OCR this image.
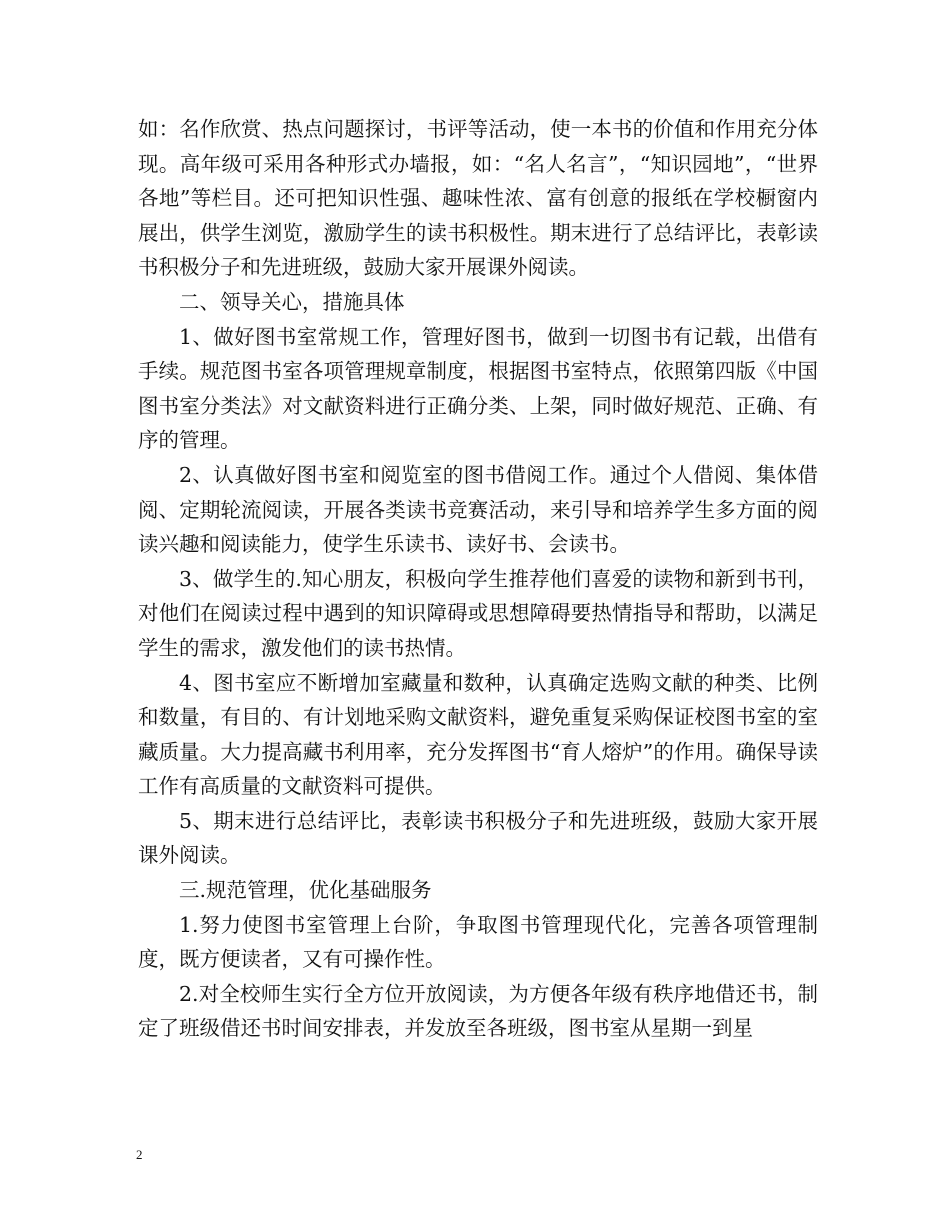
如：名作欣赏、热点问题探讨，书评等活动，使一本书的价值和作用充分体现。高年级可采用各种形式办墙报，如：“名人名言”，“知识园地”，“世界各地”等栏目。还可把知识性强、趣味性浓、富有创意的报纸在学校橱窗内展出，供学生浏览，激励学生的读书积极性。期末进行了总结评比，表彰读书积极分子和先进班级，鼓励大家开展课外阅读。

二、领导关心，措施具体

1、做好图书室常规工作，管理好图书，做到一切图书有记载，出借有手续。规范图书室各项管理规章制度，根据图书室特点，依照第四版《中国图书室分类法》对文献资料进行正确分类、上架，同时做好规范、正确、有序的管理。

2、认真做好图书室和阅览室的图书借阅工作。通过个人借阅、集体借阅、定期轮流阅读，开展各类读书竞赛活动，来引导和培养学生多方面的阅读兴趣和阅读能力，使学生乐读书、读好书、会读书。

3、做学生的.知心朋友，积极向学生推荐他们喜爱的读物和新到书刊，对他们在阅读过程中遇到的知识障碍或思想障碍要热情指导和帮助，以满足学生的需求，激发他们的读书热情。

4、图书室应不断增加室藏量和数种，认真确定选购文献的种类、比例和数量，有目的、有计划地采购文献资料，避免重复采购保证校图书室的室藏质量。大力提高藏书利用率，充分发挥图书“育人熔炉”的作用。确保导读工作有高质量的文献资料可提供。

5、期末进行总结评比，表彰读书积极分子和先进班级，鼓励大家开展课外阅读。

三.规范管理，优化基础服务

1.努力使图书室管理上台阶，争取图书管理现代化，完善各项管理制度，既方便读者，又有可操作性。

2.对全校师生实行全方位开放阅读，为方便各年级有秩序地借还书，制定了班级借还书时间安排表，并发放至各班级，图书室从星期一到星

2
